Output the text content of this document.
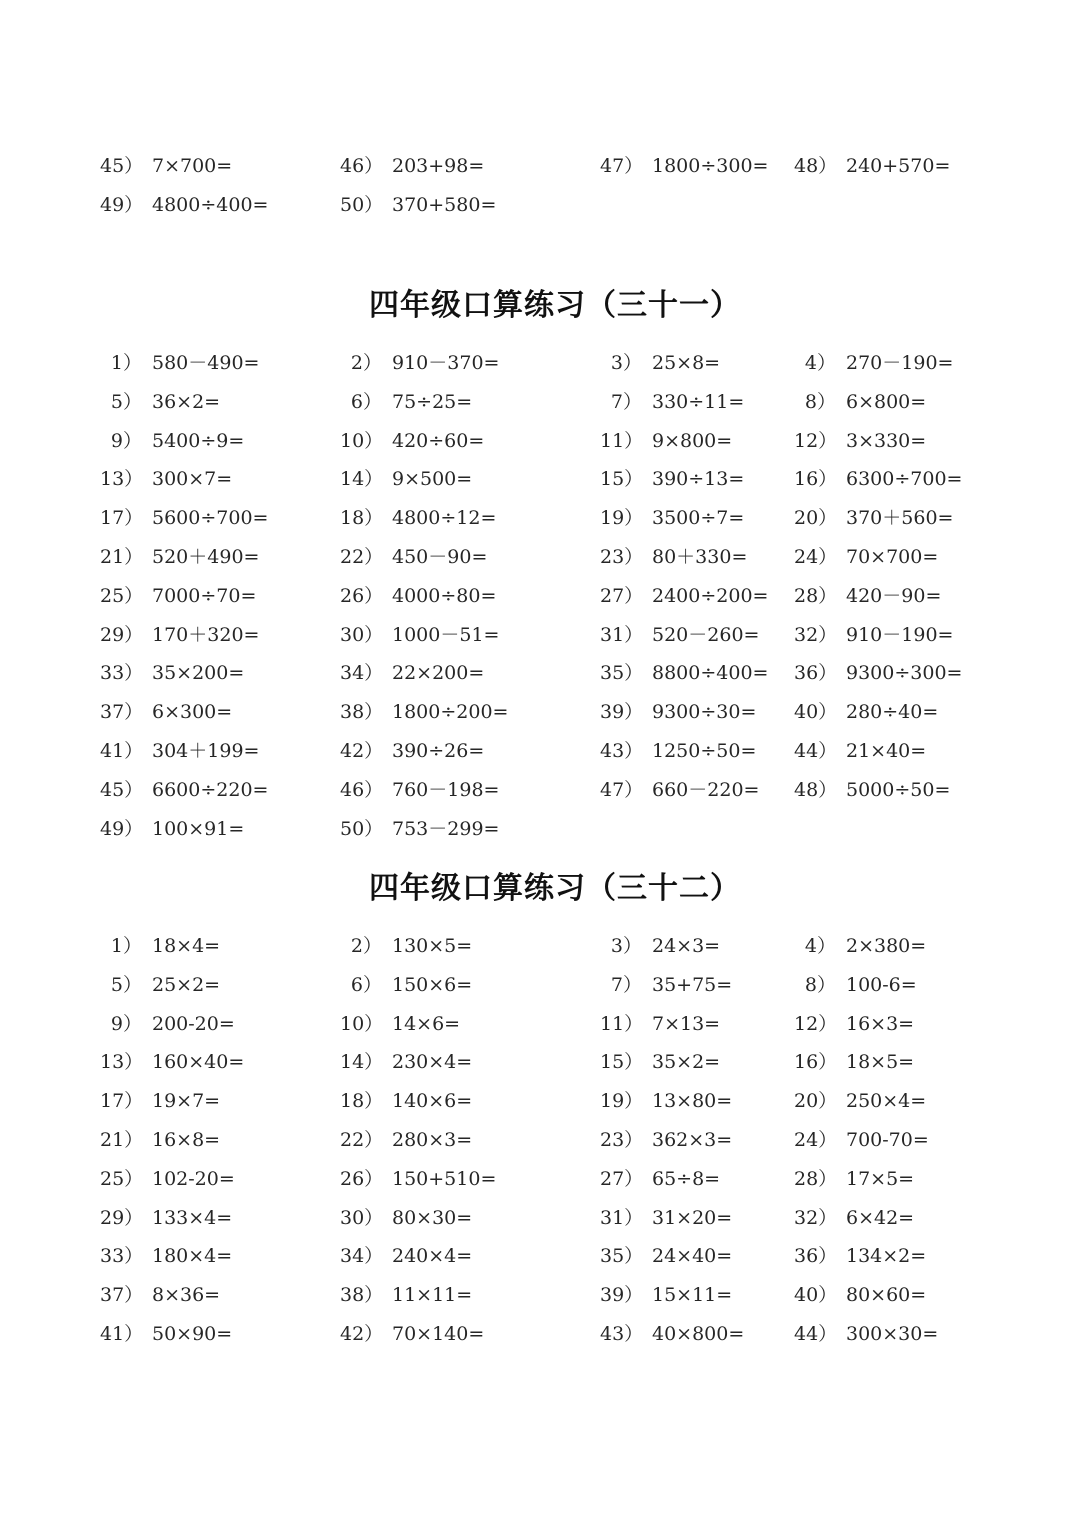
45） 7×700=	46） 203+98=	47） 1800÷300= 48） 240+570=
49） 4800÷400=	50） 370+580=
四年级口算练习（三十一）
1） 580－490=	2） 910－370=	3） 25×8=	4） 270－190=
5） 36×2=	6） 75÷25=	7） 330÷11=	8） 6×800=
9） 5400÷9=	10） 420÷60=	11） 9×800=	12） 3×330=
13） 300×7=	14） 9×500=	15） 390÷13=	16） 6300÷700=
17） 5600÷700=	18） 4800÷12=	19） 3500÷7=	20） 370＋560=
21） 520＋490=	22） 450－90=	23） 80＋330= 24） 70×700=
25） 7000÷70=	26） 4000÷80=	27） 2400÷200= 28） 420－90=
29） 170＋320=	30） 1000－51=	31） 520－260= 32） 910－190=
33） 35×200=	34） 22×200=	35） 8800÷400= 36） 9300÷300=
37） 6×300=	38） 1800÷200=	39） 9300÷30= 40） 280÷40=
41） 304＋199=	42） 390÷26=	43） 1250÷50= 44） 21×40=
45） 6600÷220=	46） 760－198=	47） 660－220= 48） 5000÷50=
49） 100×91=	50） 753－299=
四年级口算练习（三十二）
1） 18×4=	2） 130×5=	3） 24×3=	4） 2×380=
5） 25×2=	6） 150×6=	7） 35+75=	8） 100-6=
9） 200-20=	10） 14×6=	11） 7×13=	12） 16×3=
13） 160×40=	14） 230×4=	15） 35×2=	16） 18×5=
17） 19×7=	18） 140×6=	19） 13×80=	20） 250×4=
21） 16×8=	22） 280×3=	23） 362×3=	24） 700-70=
25） 102-20=	26） 150+510=	27） 65÷8=	28） 17×5=
29） 133×4=	30） 80×30=	31） 31×20=	32） 6×42=
33） 180×4=	34） 240×4=	35） 24×40=	36） 134×2=
37） 8×36=	38） 11×11=	39） 15×11=	40） 80×60=
41） 50×90=	42） 70×140=	43） 40×800=	44） 300×30=
